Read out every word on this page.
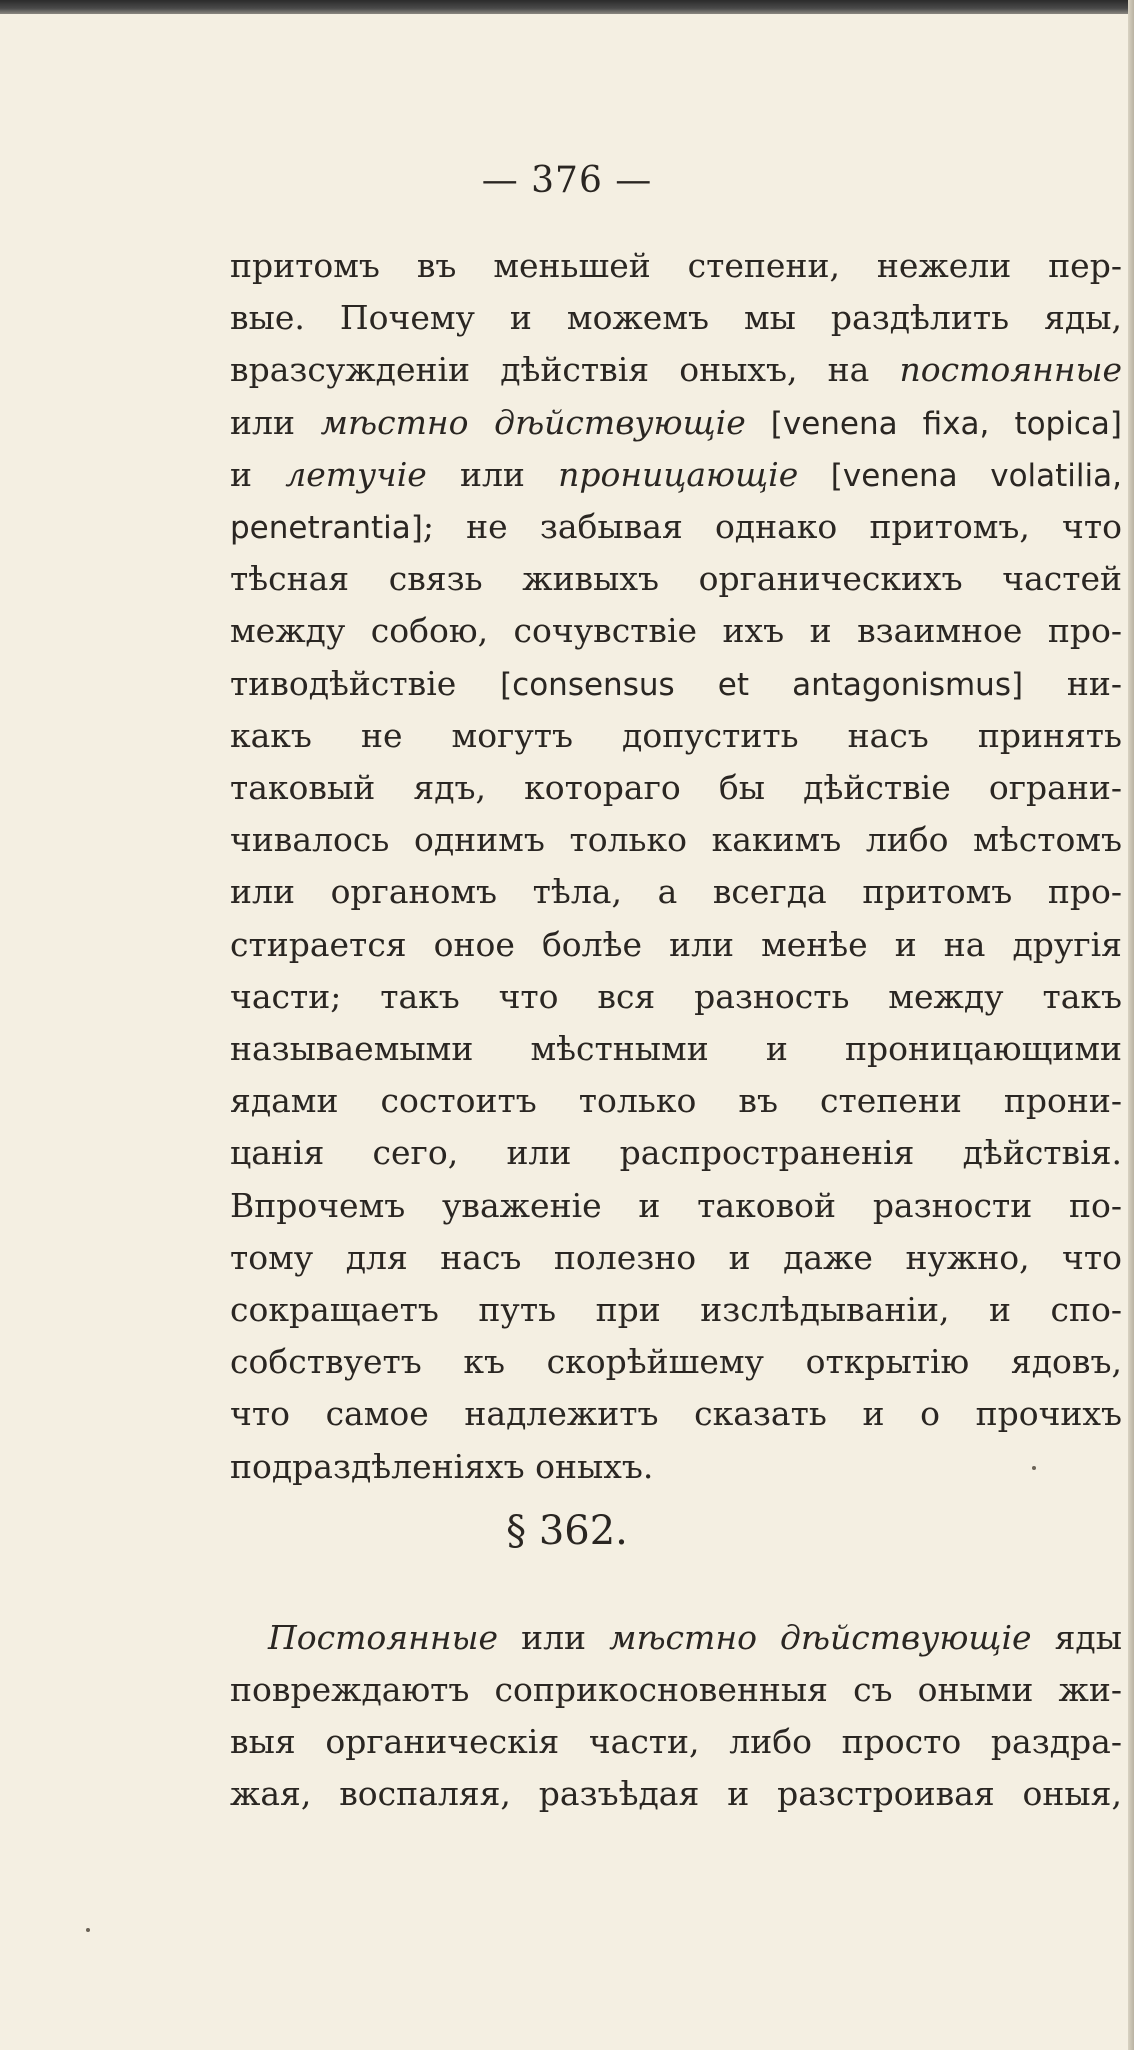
— 376 —
притомъ въ меньшей степени, нежели пер-
вые. Почему и можемъ мы раздѣлить яды,
вразсужденіи дѣйствія оныхъ, на постоянные
или мѣстно дѣйствующіе [venena fixa, topica]
и летучіе или проницающіе [venena volatilia,
penetrantia]; не забывая однако притомъ, что
тѣсная связь живыхъ органическихъ частей
между собою, сочувствіе ихъ и взаимное про-
тиводѣйствіе [consensus et antagonismus] ни-
какъ не могутъ допустить насъ принять
таковый ядъ, котораго бы дѣйствіе ограни-
чивалось однимъ только какимъ либо мѣстомъ
или органомъ тѣла, а всегда притомъ про-
стирается оное болѣе или менѣе и на другія
части; такъ что вся разность между такъ
называемыми мѣстными и проницающими
ядами состоитъ только въ степени прони-
цанія сего, или распространенія дѣйствія.
Впрочемъ уваженіе и таковой разности по-
тому для насъ полезно и даже нужно, что
сокращаетъ путь при изслѣдываніи, и спо-
собствуетъ къ скорѣйшему открытію ядовъ,
что самое надлежитъ сказать и о прочихъ
подраздѣленіяхъ оныхъ.
Постоянные или мѣстно дѣйствующіе яды
повреждаютъ соприкосновенныя съ оными жи-
выя органическія части, либо просто раздра-
жая, воспаляя, разъѣдая и разстроивая оныя,
§ 362.
